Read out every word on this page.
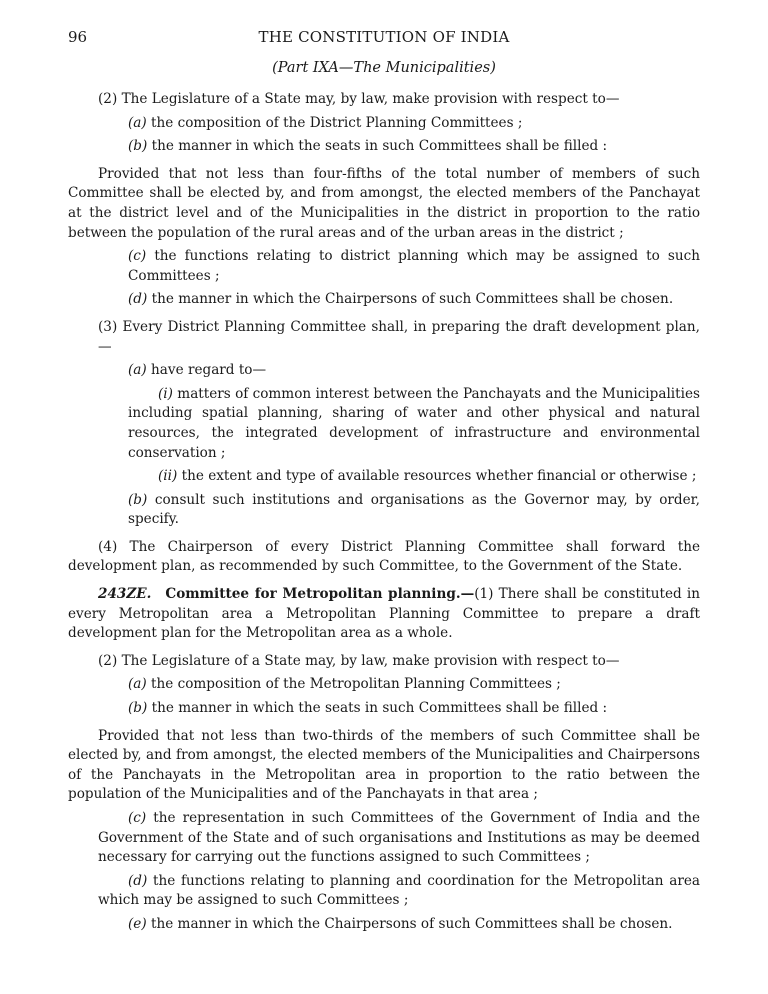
96	THE CONSTITUTION OF INDIA
(Part IXA—The Municipalities)

(2) The Legislature of a State may, by law, make provision with respect to—

(a) the composition of the District Planning Committees ;

(b) the manner in which the seats in such Committees shall be filled :

Provided that not less than four-fifths of the total number of members of such Committee shall be elected by, and from amongst, the elected members of the Panchayat at the district level and of the Municipalities in the district in proportion to the ratio between the population of the rural areas and of the urban areas in the district ;

(c) the functions relating to district planning which may be assigned to such Committees ;

(d) the manner in which the Chairpersons of such Committees shall be chosen.

(3) Every District Planning Committee shall, in preparing the draft development plan,—

(a) have regard to—

(i) matters of common interest between the Panchayats and the Municipalities including spatial planning, sharing of water and other physical and natural resources, the integrated development of infrastructure and environmental conservation ;

(ii) the extent and type of available resources whether financial or otherwise ;

(b) consult such institutions and organisations as the Governor may, by order, specify.

(4) The Chairperson of every District Planning Committee shall forward the development plan, as recommended by such Committee, to the Government of the State.

243ZE. Committee for Metropolitan planning.—(1) There shall be constituted in every Metropolitan area a Metropolitan Planning Committee to prepare a draft development plan for the Metropolitan area as a whole.

(2) The Legislature of a State may, by law, make provision with respect to—

(a) the composition of the Metropolitan Planning Committees ;

(b) the manner in which the seats in such Committees shall be filled :

Provided that not less than two-thirds of the members of such Committee shall be elected by, and from amongst, the elected members of the Municipalities and Chairpersons of the Panchayats in the Metropolitan area in proportion to the ratio between the population of the Municipalities and of the Panchayats in that area ;

(c) the representation in such Committees of the Government of India and the Government of the State and of such organisations and Institutions as may be deemed necessary for carrying out the functions assigned to such Committees ;

(d) the functions relating to planning and coordination for the Metropolitan area which may be assigned to such Committees ;

(e) the manner in which the Chairpersons of such Committees shall be chosen.
